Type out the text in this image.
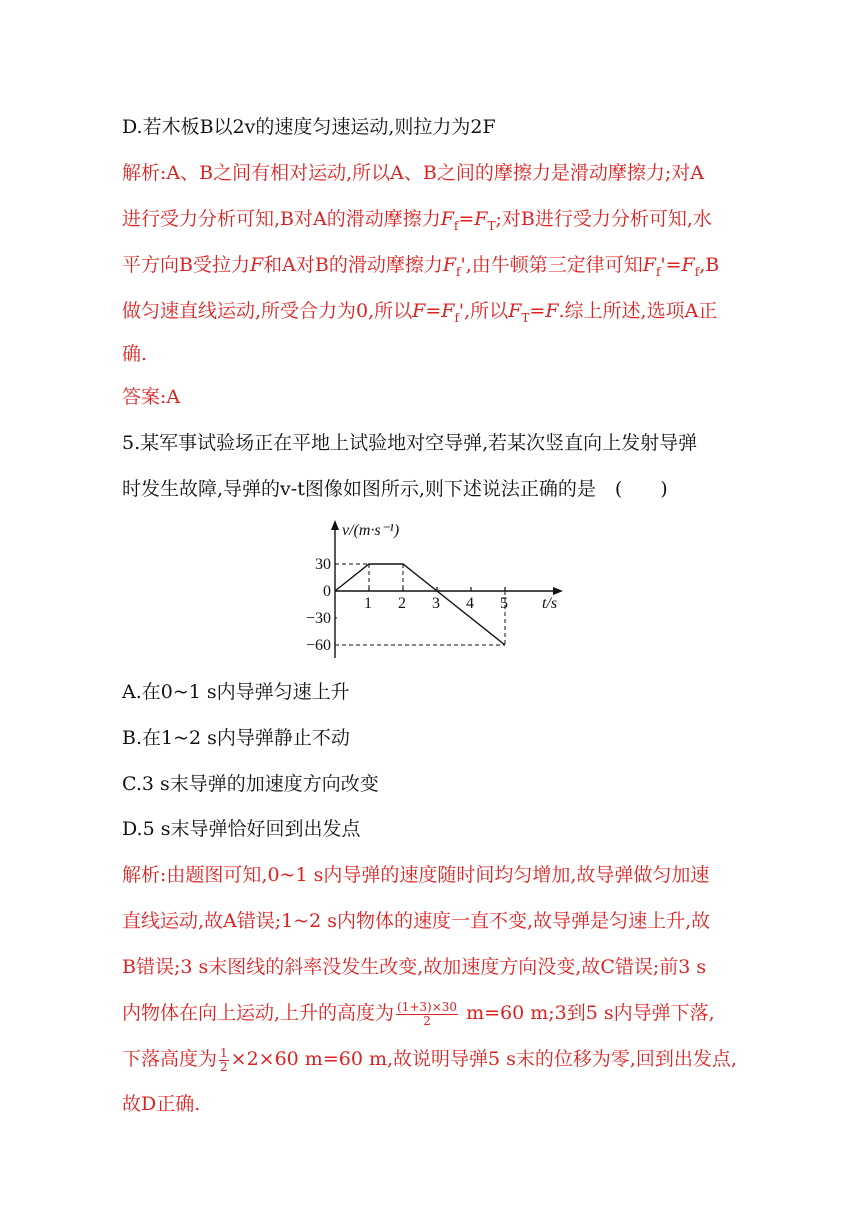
D.若木板B以2v的速度匀速运动,则拉力为2F
解析:A、B之间有相对运动,所以A、B之间的摩擦力是滑动摩擦力;对A
进行受力分析可知,B对A的滑动摩擦力$F_f=F_T$;对B进行受力分析可知,水
平方向B受拉力F和A对B的滑动摩擦力$F_f'$,由牛顿第三定律可知$F_f'=F_f,B$
做匀速直线运动,所受合力为0,所以$F=F_f'$,所以$F_T=F$.综上所述,选项A正
确.
答案:A
5.某军事试验场正在平地上试验地对空导弹,若某次竖直向上发射导弹
时发生故障,导弹的v-t图像如图所示,则下述说法正确的是　(　　)
1 2 3 4 5
30
0
−30
−60
v/(m·s⁻¹)
t/s
A.在0~1 s内导弹匀速上升
B.在1~2 s内导弹静止不动
C.3 s末导弹的加速度方向改变
D.5 s末导弹恰好回到出发点
解析:由题图可知,0~1 s内导弹的速度随时间均匀增加,故导弹做匀加速
直线运动,故A错误;1~2 s内物体的速度一直不变,故导弹是匀速上升,故
B错误;3 s末图线的斜率没发生改变,故加速度方向没变,故C错误;前3 s
内物体在向上运动,上升的高度为 $\frac{(1+3)\times 30}{2} m=60$ m;3到5 s内导弹下落,
下落高度为 $\frac{1}{2} \times 2\times 60$ m=60 m,故说明导弹5 s末的位移为零,回到出发点,
故D正确.
